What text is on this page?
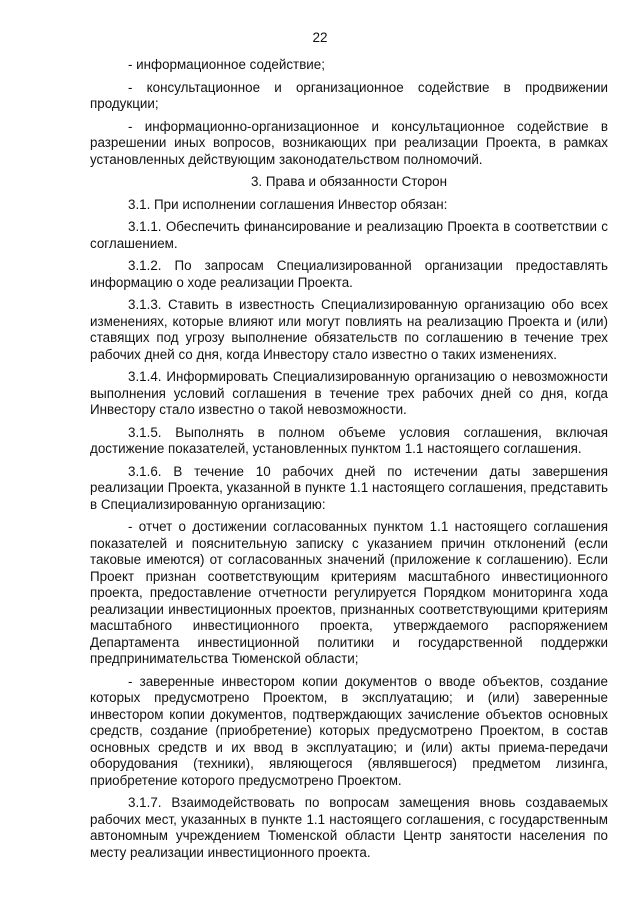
22

- информационное содействие;

- консультационное и организационное содействие в продвижении продукции;

- информационно-организационное и консультационное содействие в разрешении иных вопросов, возникающих при реализации Проекта, в рамках установленных действующим законодательством полномочий.

3. Права и обязанности Сторон

3.1. При исполнении соглашения Инвестор обязан:

3.1.1. Обеспечить финансирование и реализацию Проекта в соответствии с соглашением.

3.1.2. По запросам Специализированной организации предоставлять информацию о ходе реализации Проекта.

3.1.3. Ставить в известность Специализированную организацию обо всех изменениях, которые влияют или могут повлиять на реализацию Проекта и (или) ставящих под угрозу выполнение обязательств по соглашению в течение трех рабочих дней со дня, когда Инвестору стало известно о таких изменениях.

3.1.4. Информировать Специализированную организацию о невозможности выполнения условий соглашения в течение трех рабочих дней со дня, когда Инвестору стало известно о такой невозможности.

3.1.5. Выполнять в полном объеме условия соглашения, включая достижение показателей, установленных пунктом 1.1 настоящего соглашения.

3.1.6. В течение 10 рабочих дней по истечении даты завершения реализации Проекта, указанной в пункте 1.1 настоящего соглашения, представить в Специализированную организацию:

- отчет о достижении согласованных пунктом 1.1 настоящего соглашения показателей и пояснительную записку с указанием причин отклонений (если таковые имеются) от согласованных значений (приложение к соглашению). Если Проект признан соответствующим критериям масштабного инвестиционного проекта, предоставление отчетности регулируется Порядком мониторинга хода реализации инвестиционных проектов, признанных соответствующими критериям масштабного инвестиционного проекта, утверждаемого распоряжением Департамента инвестиционной политики и государственной поддержки предпринимательства Тюменской области;

- заверенные инвестором копии документов о вводе объектов, создание которых предусмотрено Проектом, в эксплуатацию; и (или) заверенные инвестором копии документов, подтверждающих зачисление объектов основных средств, создание (приобретение) которых предусмотрено Проектом, в состав основных средств и их ввод в эксплуатацию; и (или) акты приема-передачи оборудования (техники), являющегося (являвшегося) предметом лизинга, приобретение которого предусмотрено Проектом.

3.1.7. Взаимодействовать по вопросам замещения вновь создаваемых рабочих мест, указанных в пункте 1.1 настоящего соглашения, с государственным автономным учреждением Тюменской области Центр занятости населения по месту реализации инвестиционного проекта.
